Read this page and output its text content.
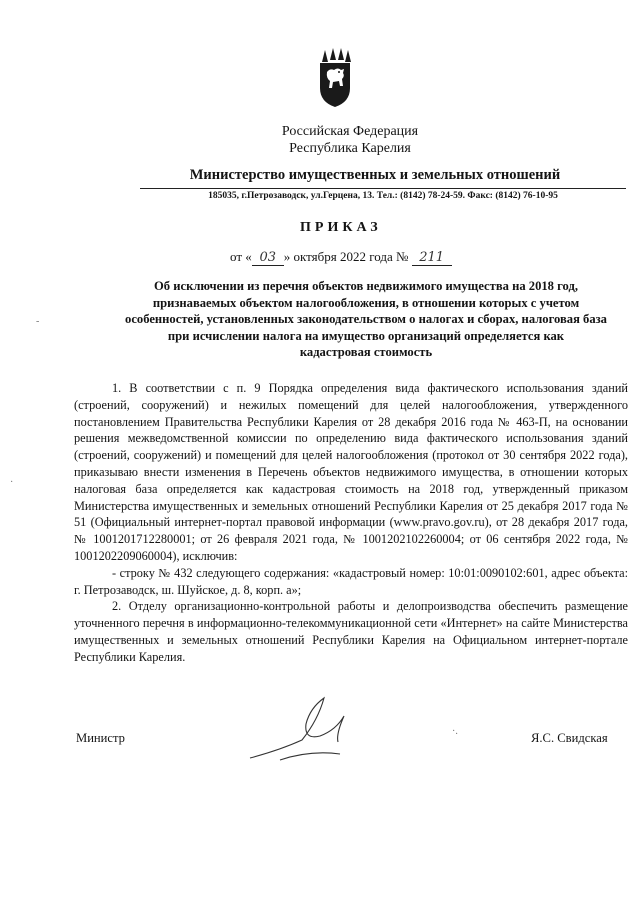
Российская Федерация
Республика Карелия
Министерство имущественных и земельных отношений
185035, г.Петрозаводск, ул.Герцена, 13. Тел.: (8142) 78-24-59. Факс: (8142) 76-10-95
ПРИКАЗ
от « 03 » октября 2022 года № 211
Об исключении из перечня объектов недвижимого имущества на 2018 год,
признаваемых объектом налогообложения, в отношении которых с учетом
особенностей, установленных законодательством о налогах и сборах, налоговая база
при исчислении налога на имущество организаций определяется как
кадастровая стоимость

1. В соответствии с п. 9 Порядка определения вида фактического использования зданий (строений, сооружений) и нежилых помещений для целей налогообложения, утвержденного постановлением Правительства Республики Карелия от 28 декабря 2016 года № 463-П, на основании решения межведомственной комиссии по определению вида фактического использования зданий (строений, сооружений) и помещений для целей налогообложения (протокол от 30 сентября 2022 года), приказываю внести изменения в Перечень объектов недвижимого имущества, в отношении которых налоговая база определяется как кадастровая стоимость на 2018 год, утвержденный приказом Министерства имущественных и земельных отношений Республики Карелия от 25 декабря 2017 года № 51 (Официальный интернет-портал правовой информации (www.pravo.gov.ru), от 28 декабря 2017 года, № 1001201712280001; от 26 февраля 2021 года, № 1001202102260004; от 06 сентября 2022 года, № 1001202209060004), исключив:

- строку № 432 следующего содержания: «кадастровый номер: 10:01:0090102:601, адрес объекта: г. Петрозаводск, ш. Шуйское, д. 8, корп. а»;

2. Отделу организационно-контрольной работы и делопроизводства обеспечить размещение уточненного перечня в информационно-телекоммуникационной сети «Интернет» на сайте Министерства имущественных и земельных отношений Республики Карелия на Официальном интернет-портале Республики Карелия.

Министр	Я.С. Свидская
-
·
·.
